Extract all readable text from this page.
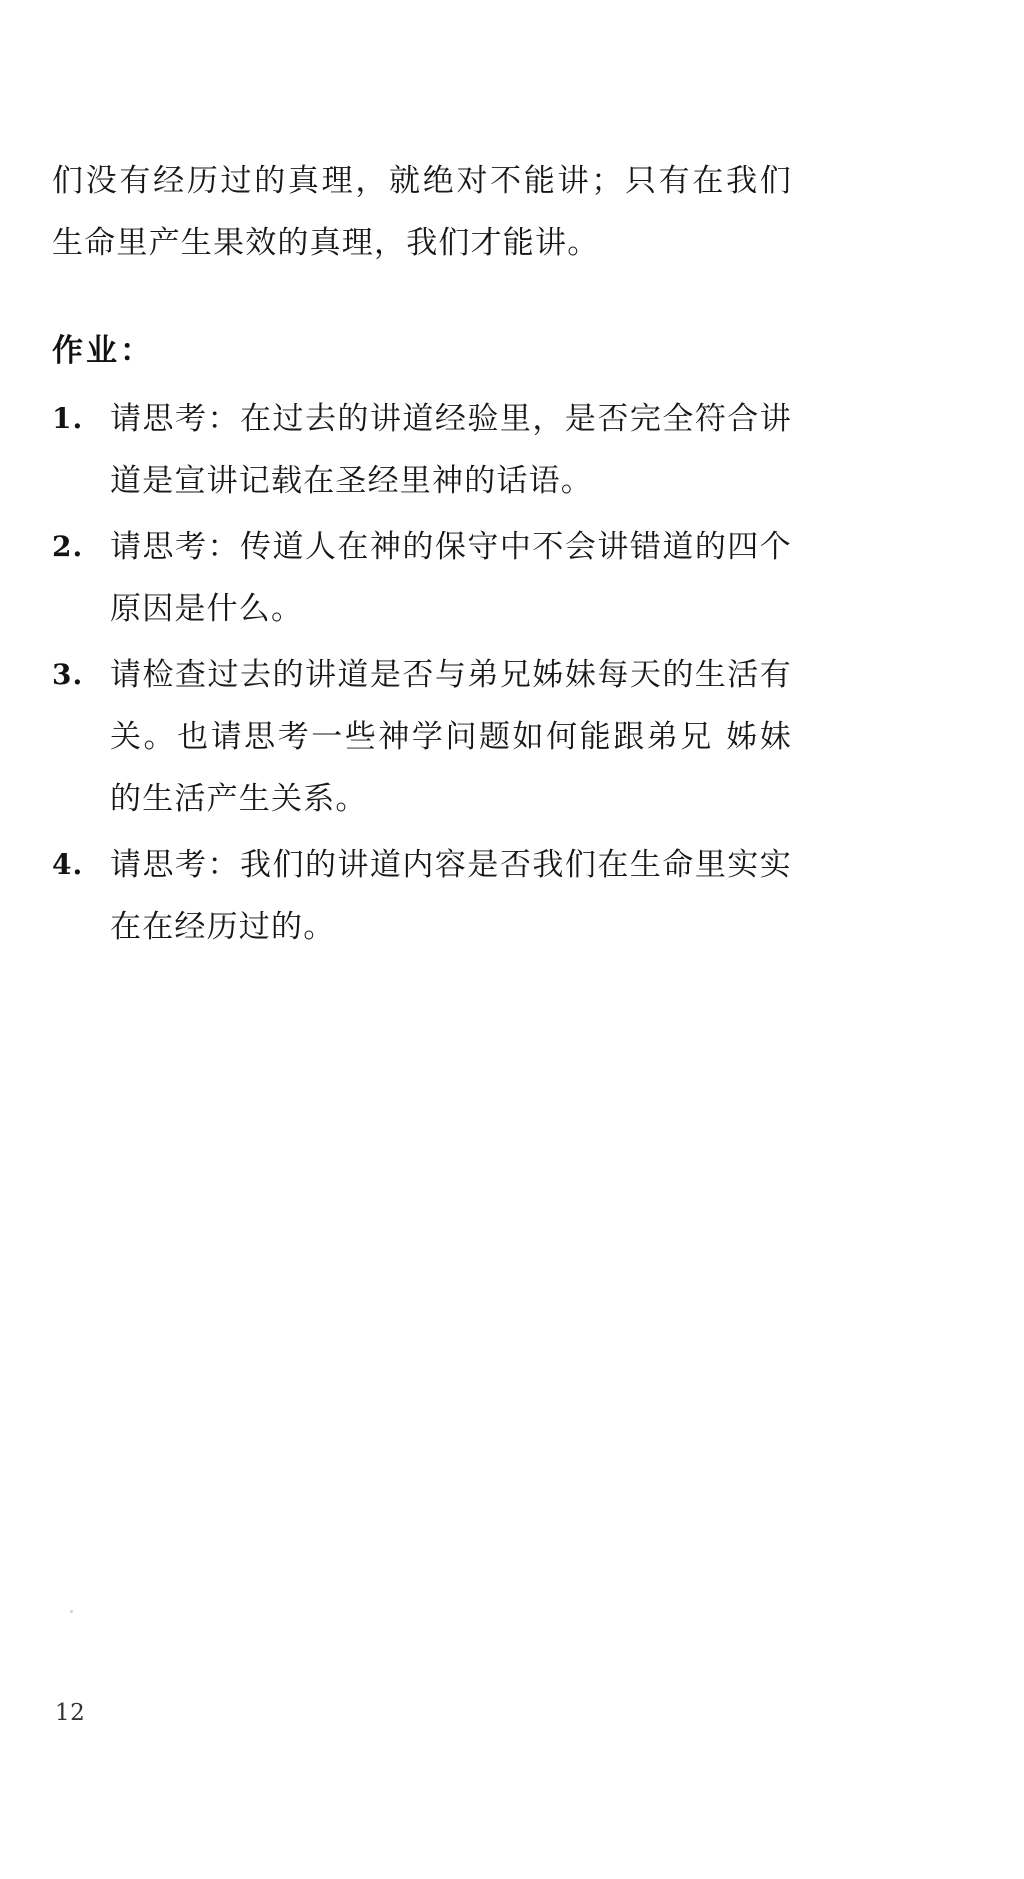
们没有经历过的真理，就绝对不能讲；只有在我们生命里产生果效的真理，我们才能讲。

作业：
1. 请思考：在过去的讲道经验里，是否完全符合讲道是宣讲记载在圣经里神的话语。
2. 请思考：传道人在神的保守中不会讲错道的四个原因是什么。
3. 请检查过去的讲道是否与弟兄姊妹每天的生活有关。也请思考一些神学问题如何能跟弟兄 姊妹的生活产生关系。
4. 请思考：我们的讲道内容是否我们在生命里实实在在经历过的。
12
